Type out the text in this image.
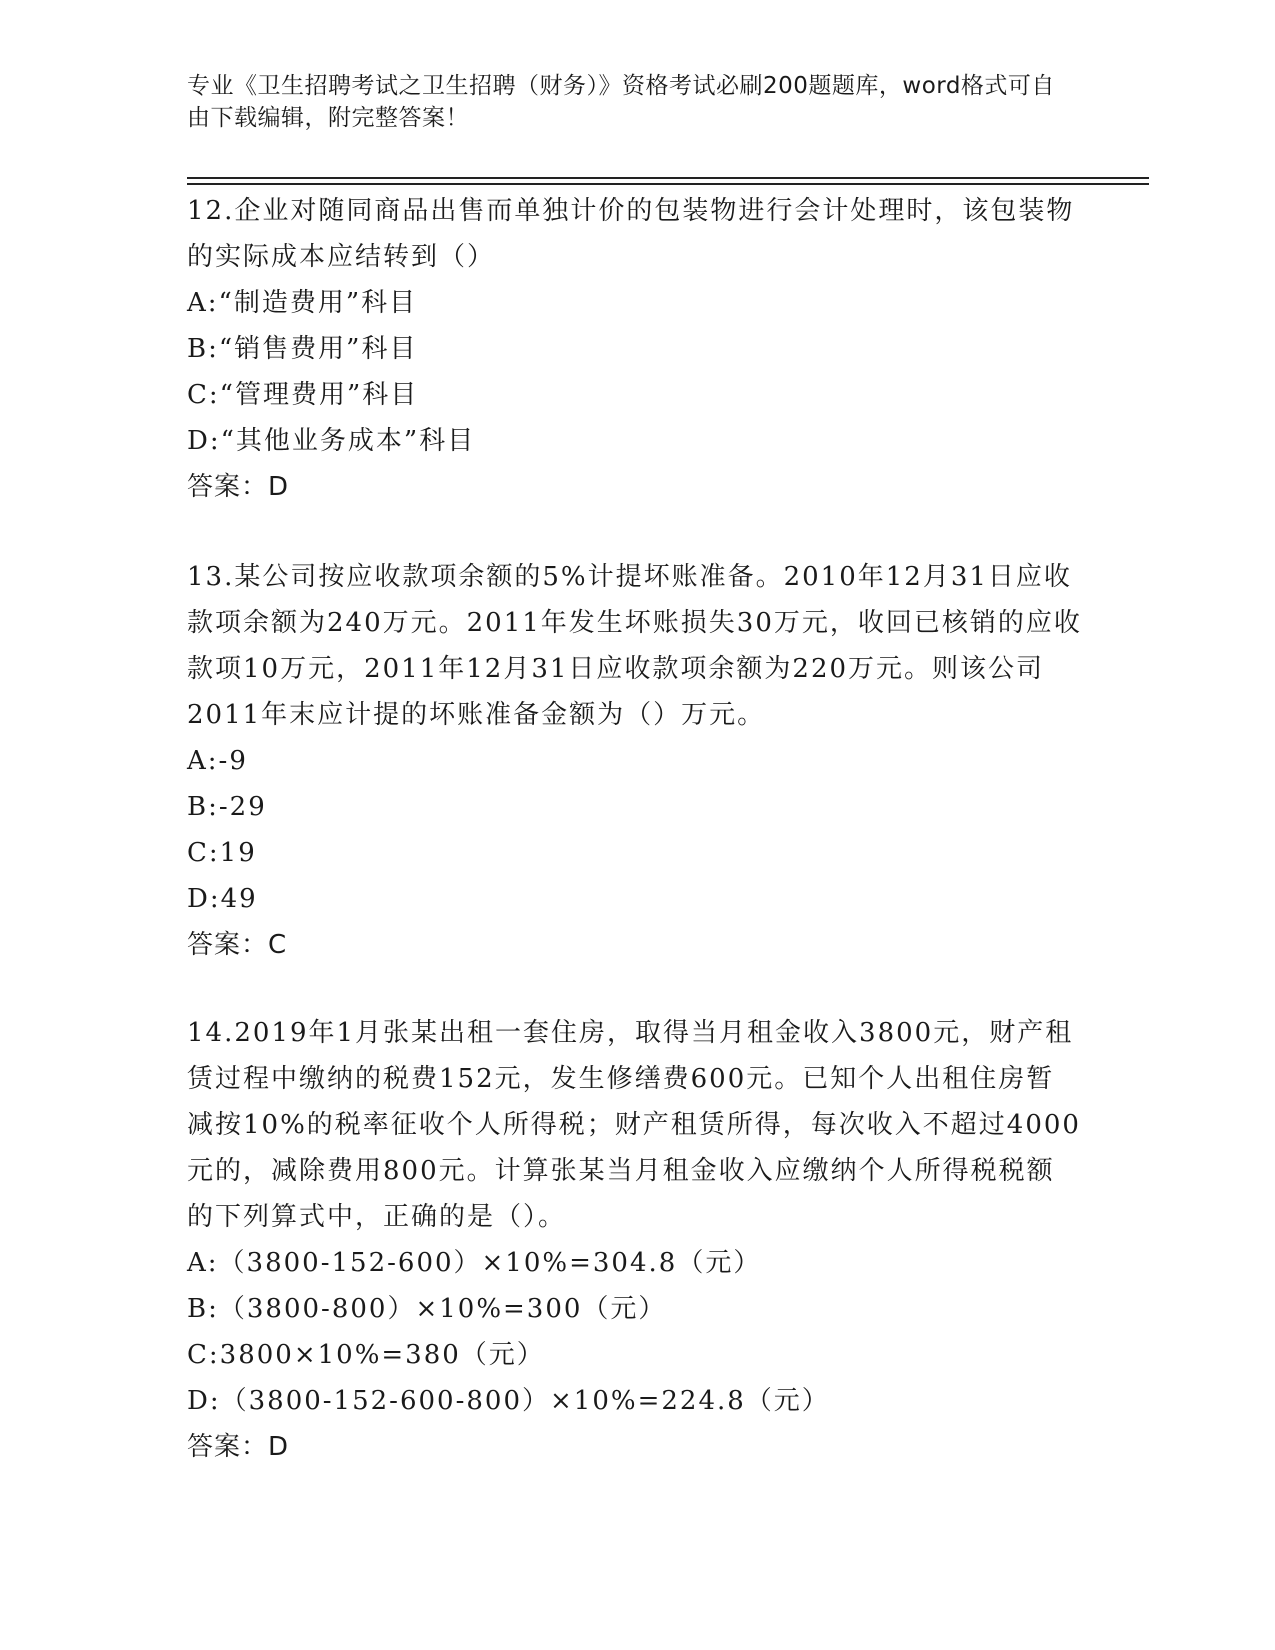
专业《卫生招聘考试之卫生招聘（财务）》资格考试必刷200题题库，word格式可自由下载编辑，附完整答案！

12.企业对随同商品出售而单独计价的包装物进行会计处理时，该包装物的实际成本应结转到（）

A:“制造费用”科目

B:“销售费用”科目

C:“管理费用”科目

D:“其他业务成本”科目

答案：D

13.某公司按应收款项余额的5%计提坏账准备。2010年12月31日应收款项余额为240万元。2011年发生坏账损失30万元，收回已核销的应收款项10万元，2011年12月31日应收款项余额为220万元。则该公司2011年末应计提的坏账准备金额为（）万元。

A:-9

B:-29

C:19

D:49

答案：C

14.2019年1月张某出租一套住房，取得当月租金收入3800元，财产租赁过程中缴纳的税费152元，发生修缮费600元。已知个人出租住房暂减按10%的税率征收个人所得税；财产租赁所得，每次收入不超过4000元的，减除费用800元。计算张某当月租金收入应缴纳个人所得税税额的下列算式中，正确的是（）。

A:（3800-152-600）×10%=304.8（元）

B:（3800-800）×10%=300（元）

C:3800×10%=380（元）

D:（3800-152-600-800）×10%=224.8（元）

答案：D
